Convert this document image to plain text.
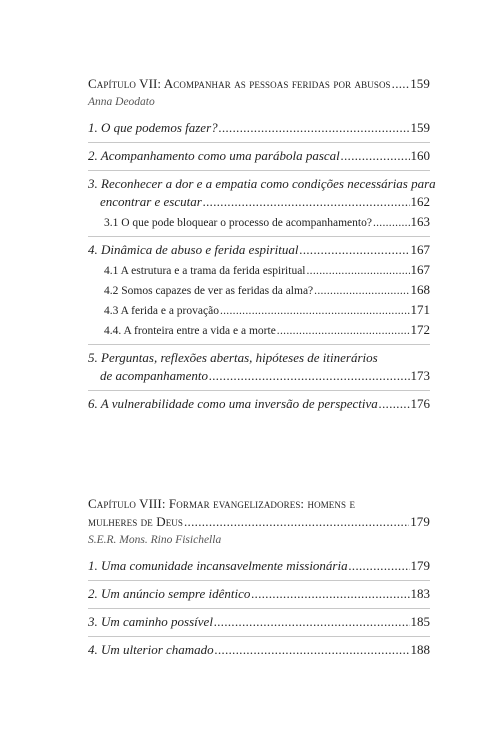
Capítulo VII: Acompanhar as pessoas feridas por abusos ..... 159
Anna Deodato
1. O que podemos fazer? .....	159
2. Acompanhamento como uma parábola pascal .....	160
3. Reconhecer a dor e a empatia como condições necessárias para
encontrar e escutar .....	162
3.1 O que pode bloquear o processo de acompanhamento? .....	163
4. Dinâmica de abuso e ferida espiritual .....	167
4.1 A estrutura e a trama da ferida espiritual .....	167
4.2 Somos capazes de ver as feridas da alma? .....	168
4.3 A ferida e a provação .....	171
4.4. A fronteira entre a vida e a morte .....	172
5. Perguntas, reflexões abertas, hipóteses de itinerários
de acompanhamento .....	173
6. A vulnerabilidade como uma inversão de perspectiva .....	176
Capítulo VIII: Formar evangelizadores: homens e
mulheres de Deus .....	179
S.E.R. Mons. Rino Fisichella
1. Uma comunidade incansavelmente missionária .....	179
2. Um anúncio sempre idêntico .....	183
3. Um caminho possível .....	185
4. Um ulterior chamado .....	188
